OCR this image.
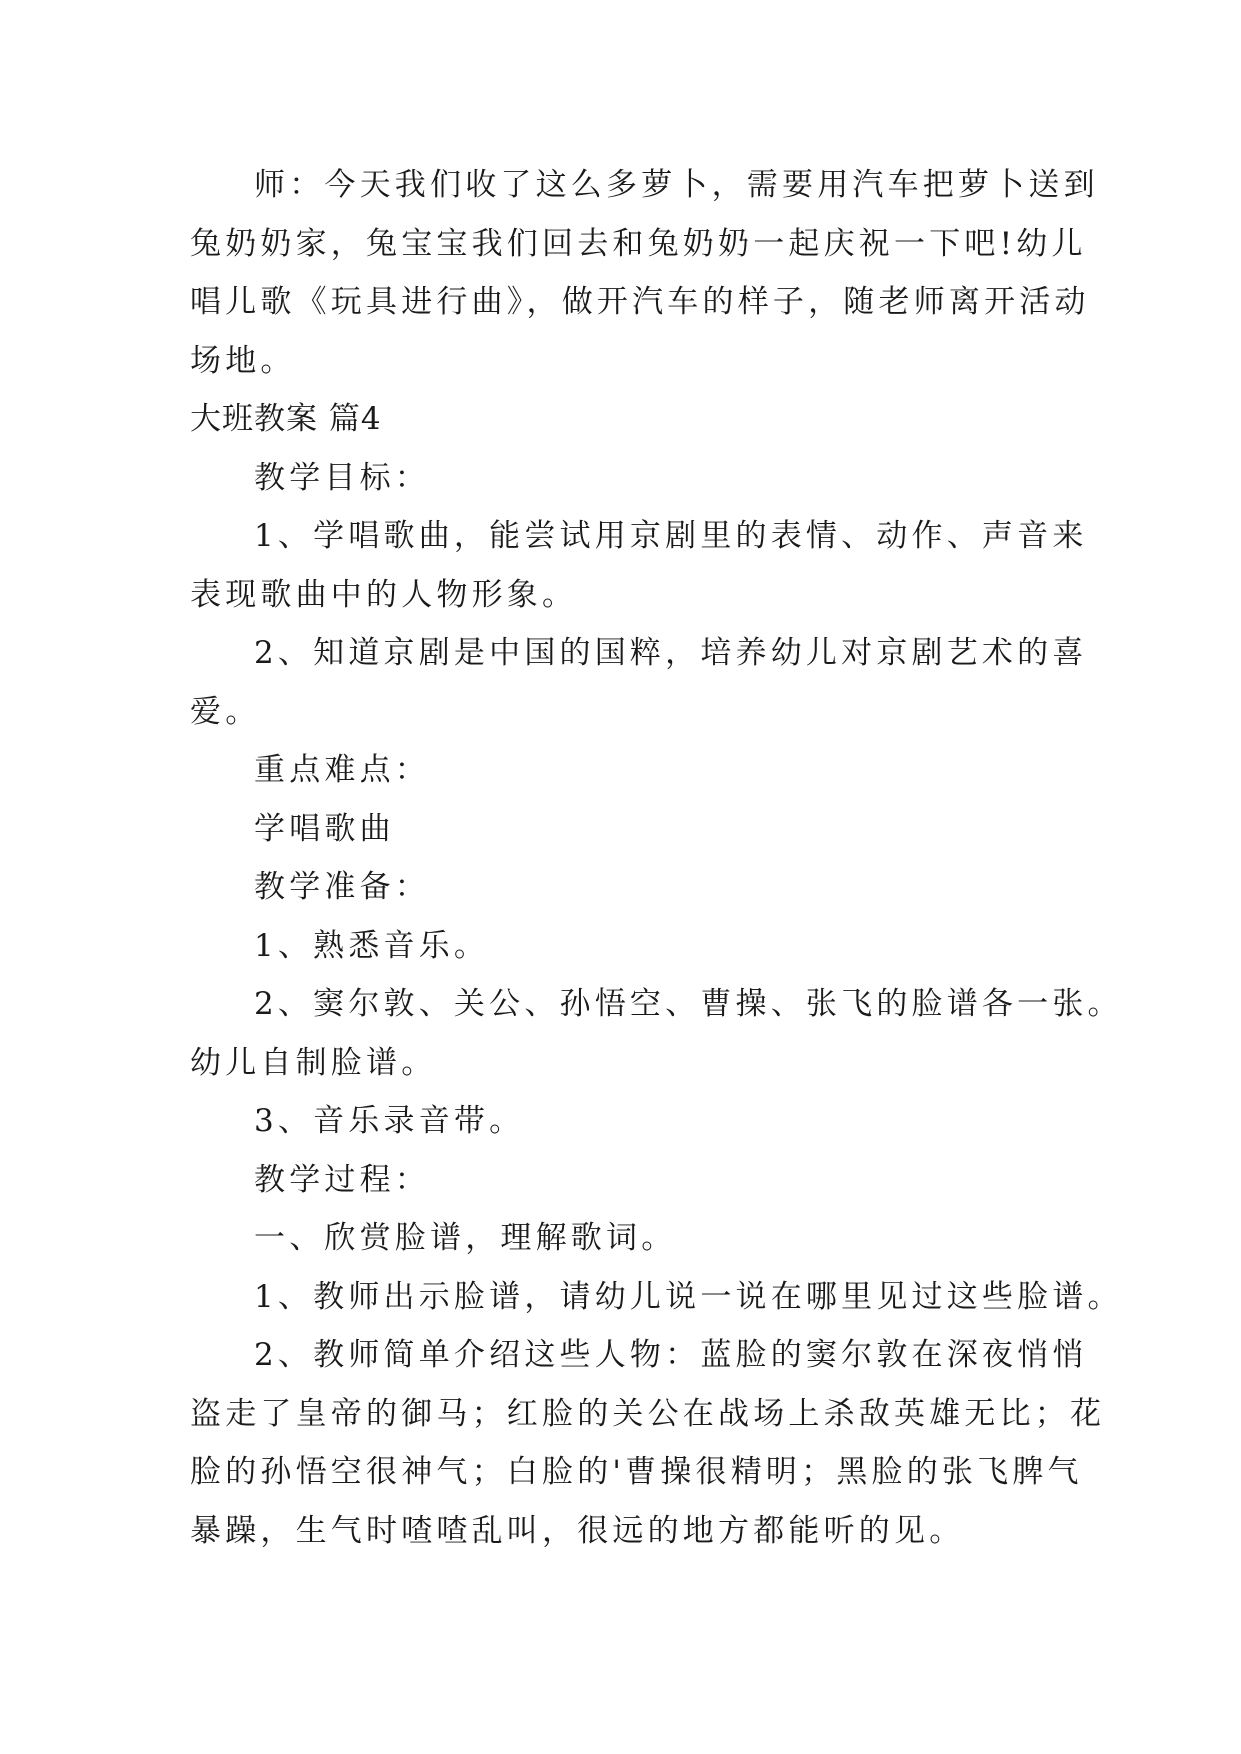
师：今天我们收了这么多萝卜，需要用汽车把萝卜送到
兔奶奶家，兔宝宝我们回去和兔奶奶一起庆祝一下吧!幼儿
唱儿歌《玩具进行曲》，做开汽车的样子，随老师离开活动
场地。
大班教案 篇4
教学目标：
1、学唱歌曲，能尝试用京剧里的表情、动作、声音来
表现歌曲中的人物形象。
2、知道京剧是中国的国粹，培养幼儿对京剧艺术的喜
爱。
重点难点：
学唱歌曲
教学准备：
1、熟悉音乐。
2、窦尔敦、关公、孙悟空、曹操、张飞的脸谱各一张。
幼儿自制脸谱。
3、音乐录音带。
教学过程：
一、欣赏脸谱，理解歌词。
1、教师出示脸谱，请幼儿说一说在哪里见过这些脸谱。
2、教师简单介绍这些人物：蓝脸的窦尔敦在深夜悄悄
盗走了皇帝的御马；红脸的关公在战场上杀敌英雄无比；花
脸的孙悟空很神气；白脸的'曹操很精明；黑脸的张飞脾气
暴躁，生气时喳喳乱叫，很远的地方都能听的见。
